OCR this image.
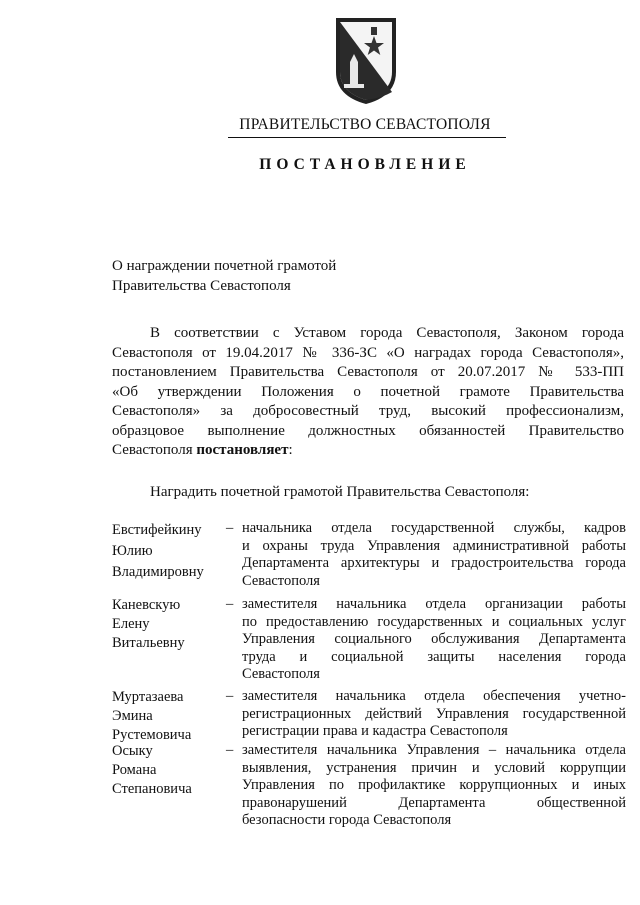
ПРАВИТЕЛЬСТВО СЕВАСТОПОЛЯ
ПОСТАНОВЛЕНИЕ
О награждении почетной грамотой
Правительства Севастополя
В соответствии с Уставом города Севастополя, Законом города
Севастополя от 19.04.2017 № 336-ЗС «О наградах города Севастополя»,
постановлением Правительства Севастополя от 20.07.2017 № 533-ПП
«Об утверждении Положения о почетной грамоте Правительства
Севастополя» за добросовестный труд, высокий профессионализм,
образцовое выполнение должностных обязанностей Правительство
Севастополя постановляет:
Наградить почетной грамотой Правительства Севастополя:
Евстифейкину
Юлию
Владимировну
– начальника отдела государственной службы, кадров
и охраны труда Управления административной работы
Департамента архитектуры и градостроительства города
Севастополя
Каневскую
Елену
Витальевну
– заместителя начальника отдела организации работы
по предоставлению государственных и социальных услуг
Управления социального обслуживания Департамента
труда и социальной защиты населения города
Севастополя
Муртазаева
Эмина
Рустемовича
– заместителя начальника отдела обеспечения учетно-
регистрационных действий Управления государственной
регистрации права и кадастра Севастополя
Осыку
Романа
Степановича
– заместителя начальника Управления – начальника отдела
выявления, устранения причин и условий коррупции
Управления по профилактике коррупционных и иных
правонарушений Департамента общественной
безопасности города Севастополя
